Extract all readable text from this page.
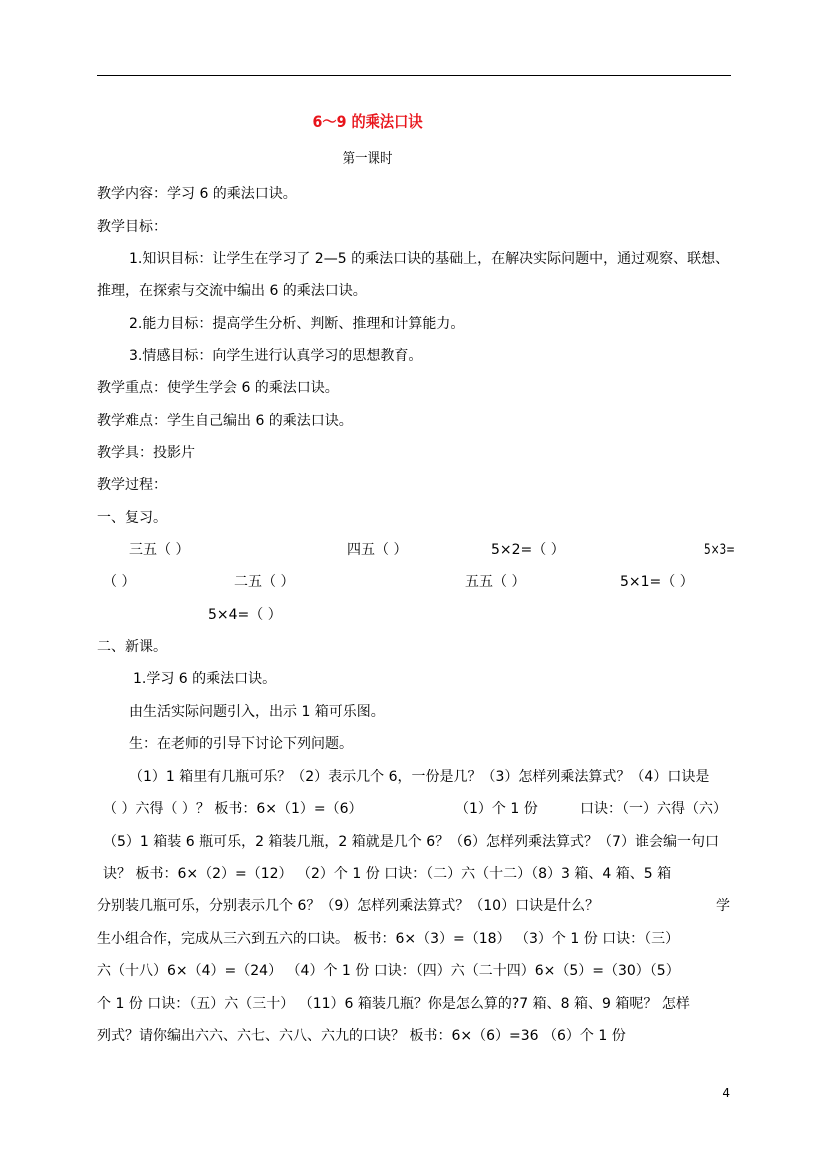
6～9 的乘法口诀
第一课时
教学内容：学习 6 的乘法口诀。
教学目标：
1.知识目标：让学生在学习了 2—5 的乘法口诀的基础上，在解决实际问题中，通过观察、联想、
推理，在探索与交流中编出 6 的乘法口诀。
2.能力目标：提高学生分析、判断、推理和计算能力。
3.情感目标：向学生进行认真学习的思想教育。
教学重点：使学生学会 6 的乘法口诀。
教学难点：学生自己编出 6 的乘法口诀。
教学具：投影片
教学过程：
一、复习。
三五（ ）	四五（ ）	5×2=（ ）	5×3=
（ ）	二五（ ）	五五（ ）	5×1=（ ）
5×4=（ ）
二、新课。
1.学习 6 的乘法口诀。
由生活实际问题引入，出示 1 箱可乐图。
生：在老师的引导下讨论下列问题。
（1）1 箱里有几瓶可乐？（2）表示几个 6，一份是几？（3）怎样列乘法算式？（4）口诀是
（ ）六得（ ）？ 板书：6×（1）=（6）	（1）个 1 份	口诀：（一）六得（六）
（5）1 箱装 6 瓶可乐，2 箱装几瓶，2 箱就是几个 6？（6）怎样列乘法算式？（7）谁会编一句口
诀？ 板书：6×（2）=（12） （2）个 1 份 口诀：（二）六（十二）（8）3 箱、4 箱、5 箱
分别装几瓶可乐，分别表示几个 6？（9）怎样列乘法算式？（10）口诀是什么？	学
生小组合作，完成从三六到五六的口诀。 板书：6×（3）=（18） （3）个 1 份 口诀：（三）
六（十八）6×（4）=（24） （4）个 1 份 口诀：（四）六（二十四）6×（5）=（30）（5）
个 1 份 口诀：（五）六（三十） （11）6 箱装几瓶？你是怎么算的?7 箱、8 箱、9 箱呢？ 怎样
列式？请你编出六六、六七、六八、六九的口诀？ 板书：6×（6）=36 （6）个 1 份
4
